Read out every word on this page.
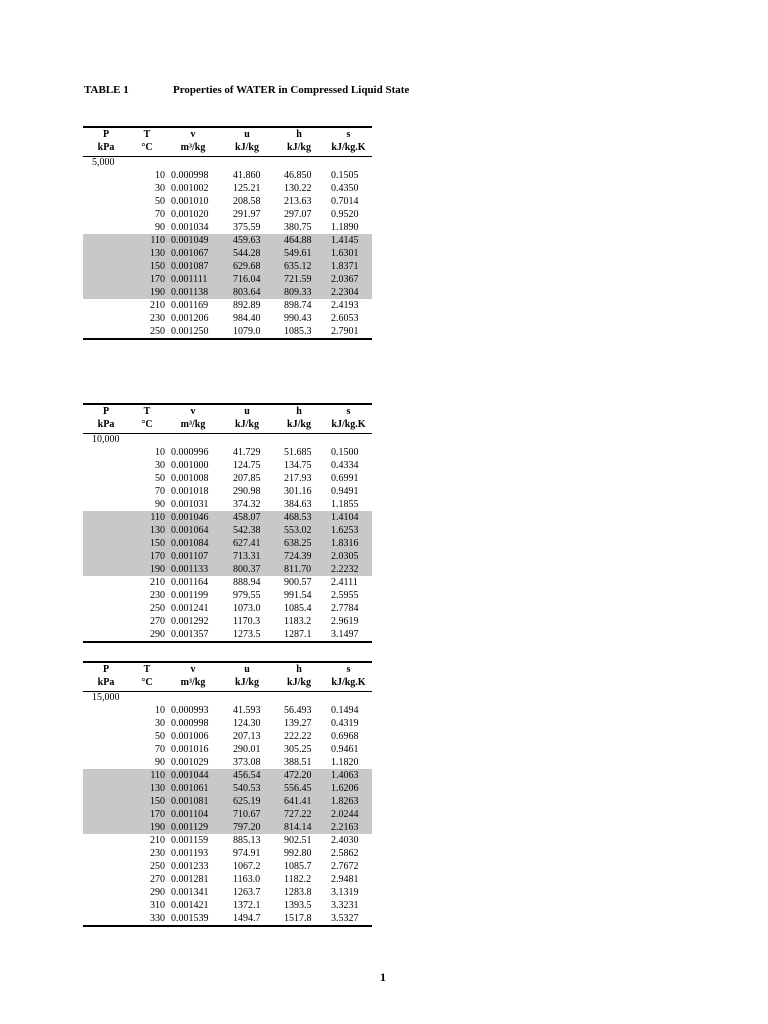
TABLE 1	Properties of WATER in Compressed Liquid State
P
kPa
T
°C
v
m³/kg
u
kJ/kg
h
kJ/kg
s
kJ/kg.K
5,000
10 0.000998 41.860 46.850 0.1505
30 0.001002 125.21 130.22 0.4350
50 0.001010 208.58 213.63 0.7014
70 0.001020 291.97 297.07 0.9520
90 0.001034 375.59 380.75 1.1890
110 0.001049 459.63 464.88 1.4145
130 0.001067 544.28 549.61 1.6301
150 0.001087 629.68 635.12 1.8371
170 0.001111	716.04 721.59 2.0367
190 0.001138 803.64 809.33 2.2304
210 0.001169 892.89 898.74 2.4193
230 0.001206 984.40 990.43 2.6053
250 0.001250 1079.0 1085.3 2.7901
P
kPa
T
°C
v
m³/kg
u
kJ/kg
h
kJ/kg
s
kJ/kg.K
10,000
10 0.000996 41.729 51.685 0.1500
30 0.001000 124.75 134.75 0.4334
50 0.001008 207.85 217.93 0.6991
70 0.001018 290.98 301.16 0.9491
90 0.001031 374.32 384.63 1.1855
110 0.001046 458.07 468.53 1.4104
130 0.001064 542.38 553.02 1.6253
150 0.001084 627.41 638.25 1.8316
170 0.001107 713.31 724.39 2.0305
190 0.001133 800.37 811.70 2.2232
210 0.001164 888.94 900.57 2.4111
230 0.001199 979.55 991.54 2.5955
250 0.001241 1073.0 1085.4 2.7784
270 0.001292 1170.3 1183.2 2.9619
290 0.001357 1273.5 1287.1 3.1497
P
kPa
T
°C
v
m³/kg
u
kJ/kg
h
kJ/kg
s
kJ/kg.K
15,000
10 0.000993 41.593 56.493 0.1494
30 0.000998 124.30 139.27 0.4319
50 0.001006 207.13 222.22 0.6968
70 0.001016 290.01 305.25 0.9461
90 0.001029 373.08 388.51 1.1820
110 0.001044 456.54 472.20 1.4063
130 0.001061 540.53 556.45 1.6206
150 0.001081 625.19 641.41 1.8263
170 0.001104 710.67 727.22 2.0244
190 0.001129 797.20 814.14 2.2163
210 0.001159 885.13 902.51 2.4030
230 0.001193 974.91 992.80 2.5862
250 0.001233 1067.2 1085.7 2.7672
270 0.001281 1163.0 1182.2 2.9481
290 0.001341 1263.7 1283.8 3.1319
310 0.001421 1372.1 1393.5 3.3231
330 0.001539 1494.7 1517.8 3.5327
1
